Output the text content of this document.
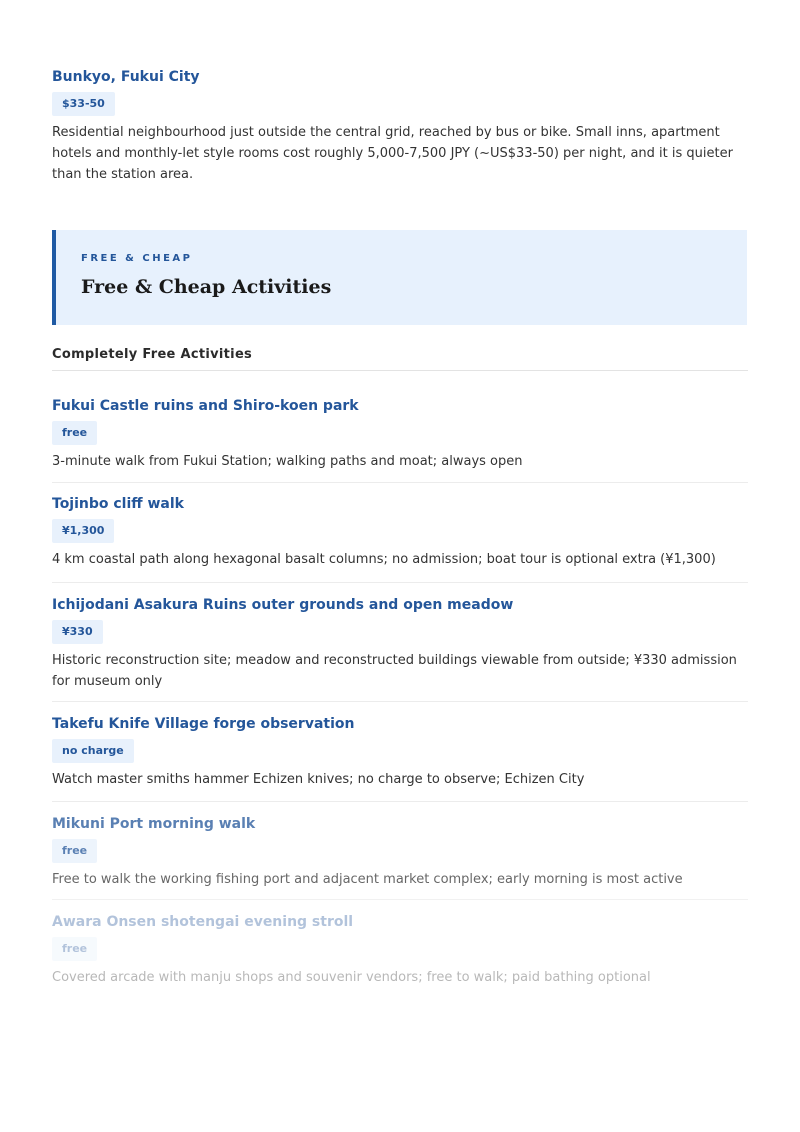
Bunkyo, Fukui City

$33-50

Residential neighbourhood just outside the central grid, reached by bus or bike. Small inns, apartment hotels and monthly-let style rooms cost roughly 5,000-7,500 JPY (~US$33-50) per night, and it is quieter than the station area.

FREE & CHEAP
Free & Cheap Activities
Completely Free Activities

Fukui Castle ruins and Shiro-koen park

free

3-minute walk from Fukui Station; walking paths and moat; always open

Tojinbo cliff walk

¥1,300

4 km coastal path along hexagonal basalt columns; no admission; boat tour is optional extra (¥1,300)

Ichijodani Asakura Ruins outer grounds and open meadow

¥330

Historic reconstruction site; meadow and reconstructed buildings viewable from outside; ¥330 admission for museum only

Takefu Knife Village forge observation

no charge

Watch master smiths hammer Echizen knives; no charge to observe; Echizen City

Mikuni Port morning walk

free

Free to walk the working fishing port and adjacent market complex; early morning is most active

Awara Onsen shotengai evening stroll

free

Covered arcade with manju shops and souvenir vendors; free to walk; paid bathing optional
